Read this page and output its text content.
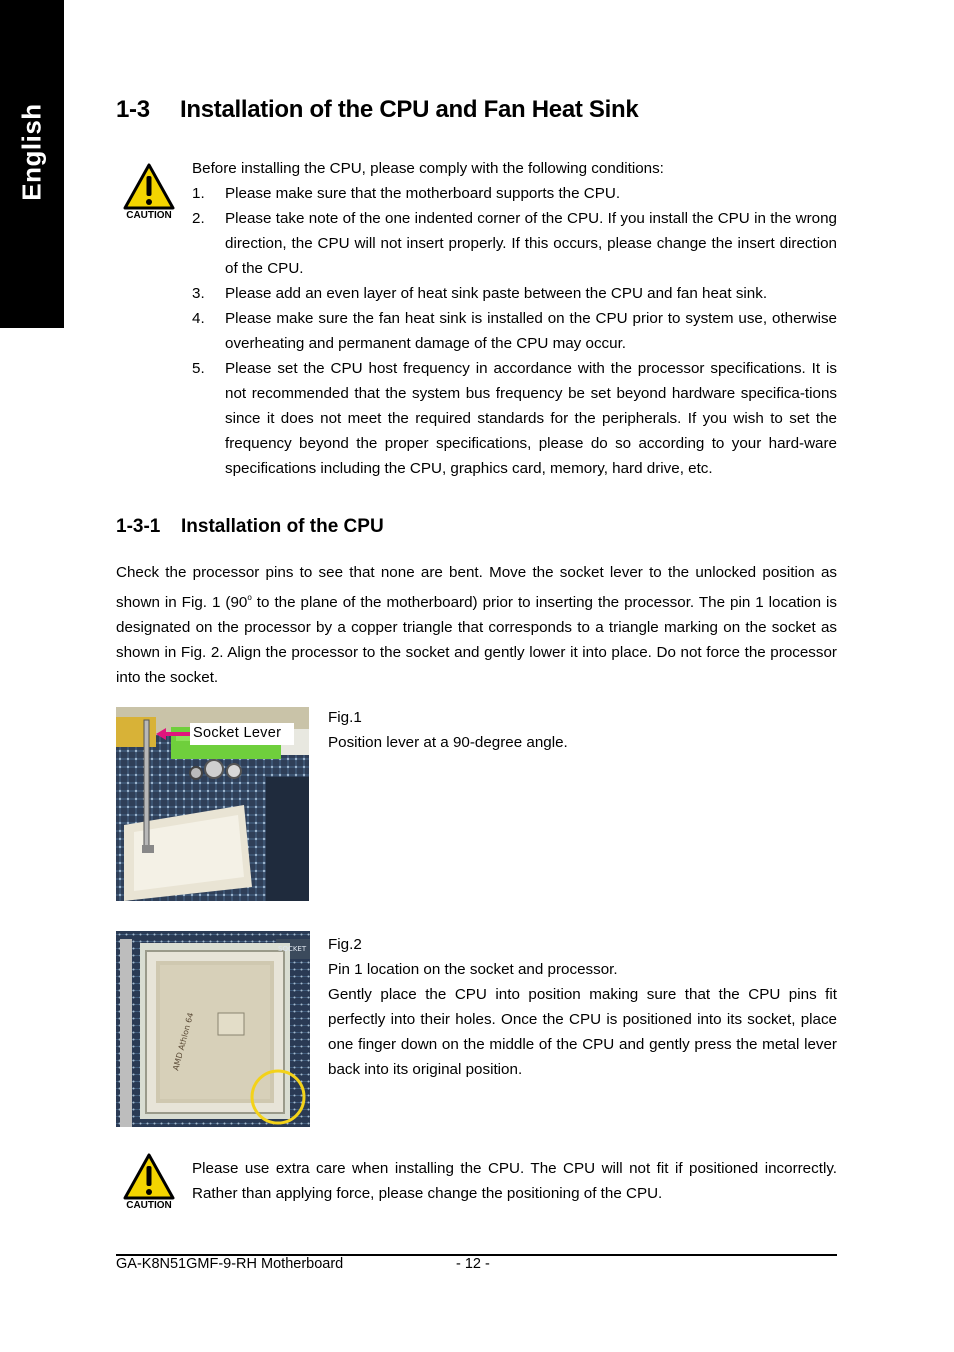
English	1-3 Installation of the CPU and Fan Heat Sink
CAUTION
Before installing the CPU, please comply with the following conditions:
1. Please make sure that the motherboard supports the CPU.
2. Please take note of the one indented corner of the CPU. If you install the CPU in the wrong direction, the CPU will not insert properly. If this occurs, please change the insert direction of the CPU.
3. Please add an even layer of heat sink paste between the CPU and fan heat sink.
4. Please make sure the fan heat sink is installed on the CPU prior to system use, otherwise overheating and permanent damage of the CPU may occur.
5. Please set the CPU host frequency in accordance with the processor specifications. It is not recommended that the system bus frequency be set beyond hardware specifica-tions since it does not meet the required standards for the peripherals. If you wish to set the frequency beyond the proper specifications, please do so according to your hard-ware specifications including the CPU, graphics card, memory, hard drive, etc.
1-3-1 Installation of the CPU
Check the processor pins to see that none are bent. Move the socket lever to the unlocked position as shown in Fig. 1 (90$^o$ to the plane of the motherboard) prior to inserting the processor. The pin 1 location is designated on the processor by a copper triangle that corresponds to a triangle marking on the socket as shown in Fig. 2. Align the processor to the socket and gently lower it into place. Do not force the processor into the socket.
Socket Lever
Fig.1
Position lever at a 90-degree angle.
AMD Athlon 64
SOCKET Fig.2
Pin 1 location on the socket and processor.
Gently place the CPU into position making sure that the CPU pins fit perfectly into their holes. Once the CPU is positioned into its socket, place one finger down on the middle of the CPU and gently press the metal lever back into its original position.
CAUTION
Please use extra care when installing the CPU. The CPU will not fit if positioned incorrectly. Rather than applying force, please change the positioning of the CPU.
GA-K8N51GMF-9-RH Motherboard	- 12 -
